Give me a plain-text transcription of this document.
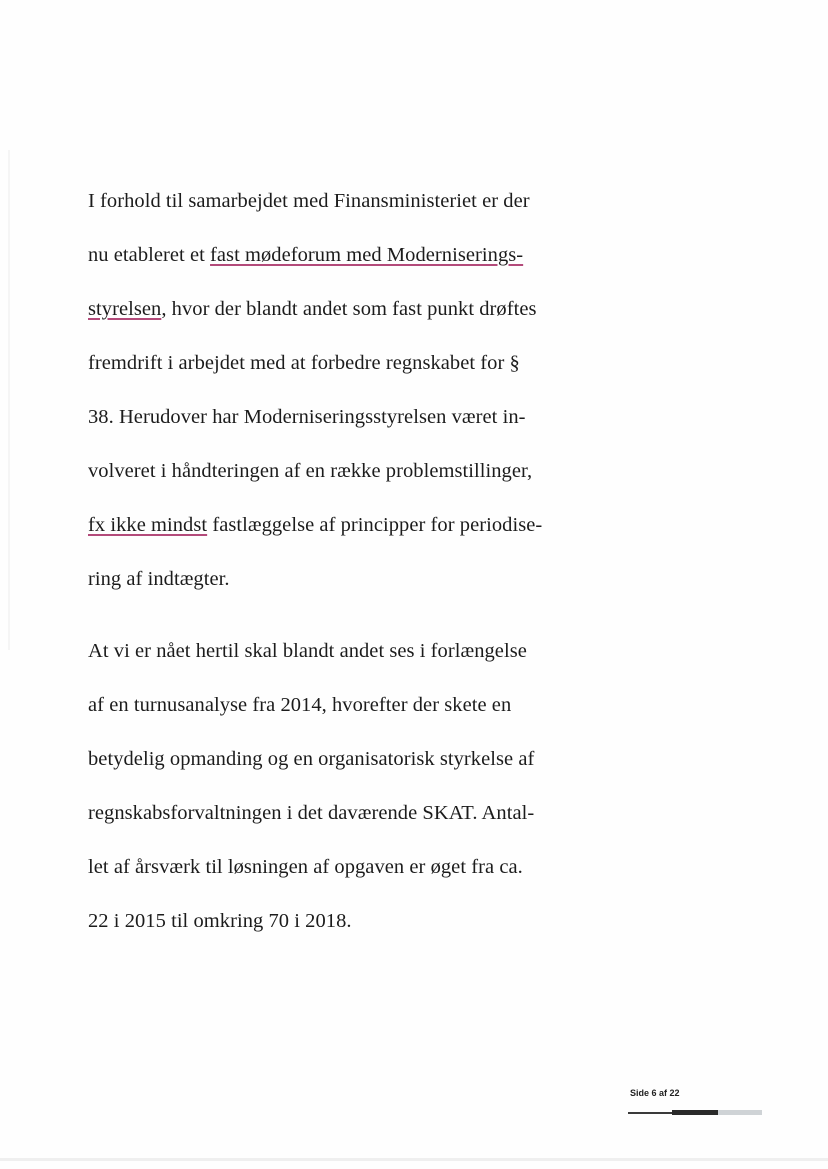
I forhold til samarbejdet med Finansministeriet er der
nu etableret et fast mødeforum med Moderniserings-
styrelsen, hvor der blandt andet som fast punkt drøftes
fremdrift i arbejdet med at forbedre regnskabet for §
38. Herudover har Moderniseringsstyrelsen været in-
volveret i håndteringen af en række problemstillinger,
fx ikke mindst fastlæggelse af principper for periodise-
ring af indtægter.
At vi er nået hertil skal blandt andet ses i forlængelse
af en turnusanalyse fra 2014, hvorefter der skete en
betydelig opmanding og en organisatorisk styrkelse af
regnskabsforvaltningen i det daværende SKAT. Antal-
let af årsværk til løsningen af opgaven er øget fra ca.
22 i 2015 til omkring 70 i 2018.
Side 6 af 22
